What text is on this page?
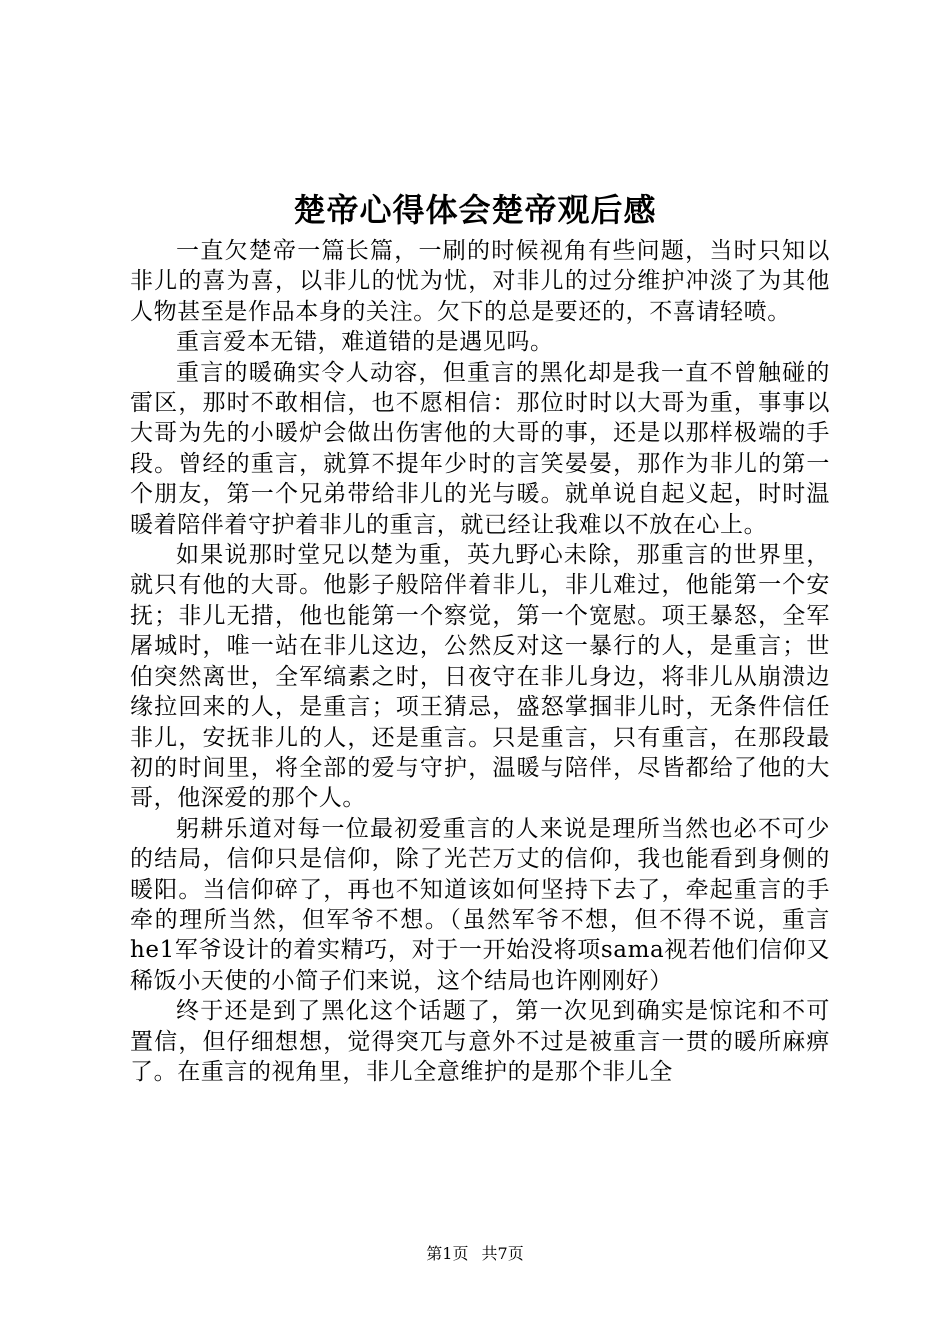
楚帝心得体会楚帝观后感

一直欠楚帝一篇长篇，一刷的时候视角有些问题，当时只知以非儿的喜为喜，以非儿的忧为忧，对非儿的过分维护冲淡了为其他人物甚至是作品本身的关注。欠下的总是要还的，不喜请轻喷。

重言爱本无错，难道错的是遇见吗。

重言的暖确实令人动容，但重言的黑化却是我一直不曾触碰的雷区，那时不敢相信，也不愿相信：那位时时以大哥为重，事事以大哥为先的小暖炉会做出伤害他的大哥的事，还是以那样极端的手段。曾经的重言，就算不提年少时的言笑晏晏，那作为非儿的第一个朋友，第一个兄弟带给非儿的光与暖。就单说自起义起，时时温暖着陪伴着守护着非儿的重言，就已经让我难以不放在心上。

如果说那时堂兄以楚为重，英九野心未除，那重言的世界里，就只有他的大哥。他影子般陪伴着非儿，非儿难过，他能第一个安抚；非儿无措，他也能第一个察觉，第一个宽慰。项王暴怒，全军屠城时，唯一站在非儿这边，公然反对这一暴行的人，是重言；世伯突然离世，全军缟素之时，日夜守在非儿身边，将非儿从崩溃边缘拉回来的人，是重言；项王猜忌，盛怒掌掴非儿时，无条件信任非儿，安抚非儿的人，还是重言。只是重言，只有重言，在那段最初的时间里，将全部的爱与守护，温暖与陪伴，尽皆都给了他的大哥，他深爱的那个人。

躬耕乐道对每一位最初爱重言的人来说是理所当然也必不可少的结局，信仰只是信仰，除了光芒万丈的信仰，我也能看到身侧的暖阳。当信仰碎了，再也不知道该如何坚持下去了，牵起重言的手牵的理所当然，但军爷不想。（虽然军爷不想，但不得不说，重言he1军爷设计的着实精巧，对于一开始没将项sama视若他们信仰又稀饭小天使的小简子们来说，这个结局也许刚刚好）

终于还是到了黑化这个话题了，第一次见到确实是惊诧和不可置信，但仔细想想，觉得突兀与意外不过是被重言一贯的暖所麻痹了。在重言的视角里，非儿全意维护的是那个非儿全

第1页 共7页
